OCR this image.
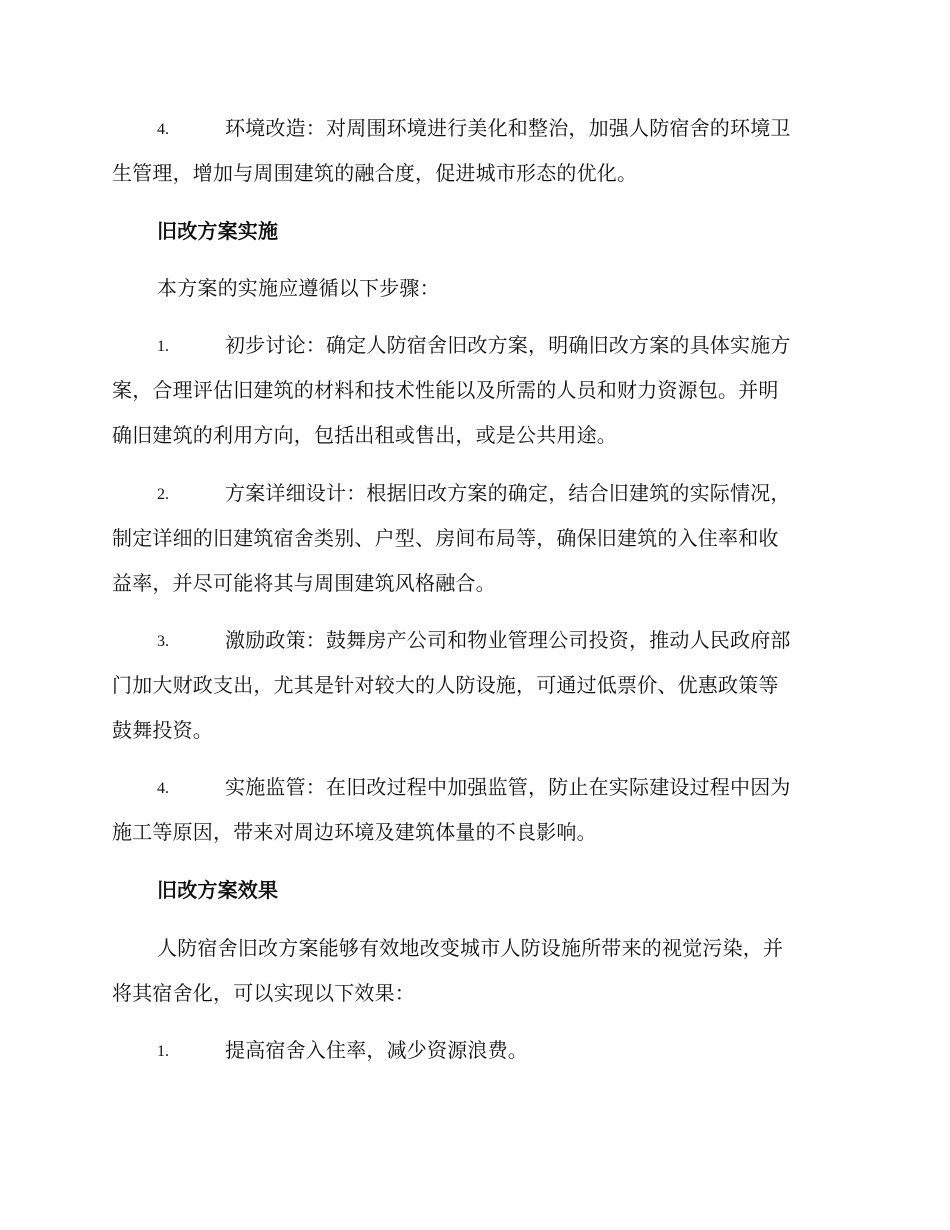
4.	环境改造：对周围环境进行美化和整治，加强人防宿舍的环境卫
生管理，增加与周围建筑的融合度，促进城市形态的优化。
旧改方案实施
本方案的实施应遵循以下步骤：
1.	初步讨论：确定人防宿舍旧改方案，明确旧改方案的具体实施方
案，合理评估旧建筑的材料和技术性能以及所需的人员和财力资源包。并明
确旧建筑的利用方向，包括出租或售出，或是公共用途。
2.	方案详细设计：根据旧改方案的确定，结合旧建筑的实际情况，
制定详细的旧建筑宿舍类别、户型、房间布局等，确保旧建筑的入住率和收
益率，并尽可能将其与周围建筑风格融合。
3.	激励政策：鼓舞房产公司和物业管理公司投资，推动人民政府部
门加大财政支出，尤其是针对较大的人防设施，可通过低票价、优惠政策等
鼓舞投资。
4.	实施监管：在旧改过程中加强监管，防止在实际建设过程中因为
施工等原因，带来对周边环境及建筑体量的不良影响。
旧改方案效果
人防宿舍旧改方案能够有效地改变城市人防设施所带来的视觉污染，并
将其宿舍化，可以实现以下效果：
1.	提高宿舍入住率，减少资源浪费。
